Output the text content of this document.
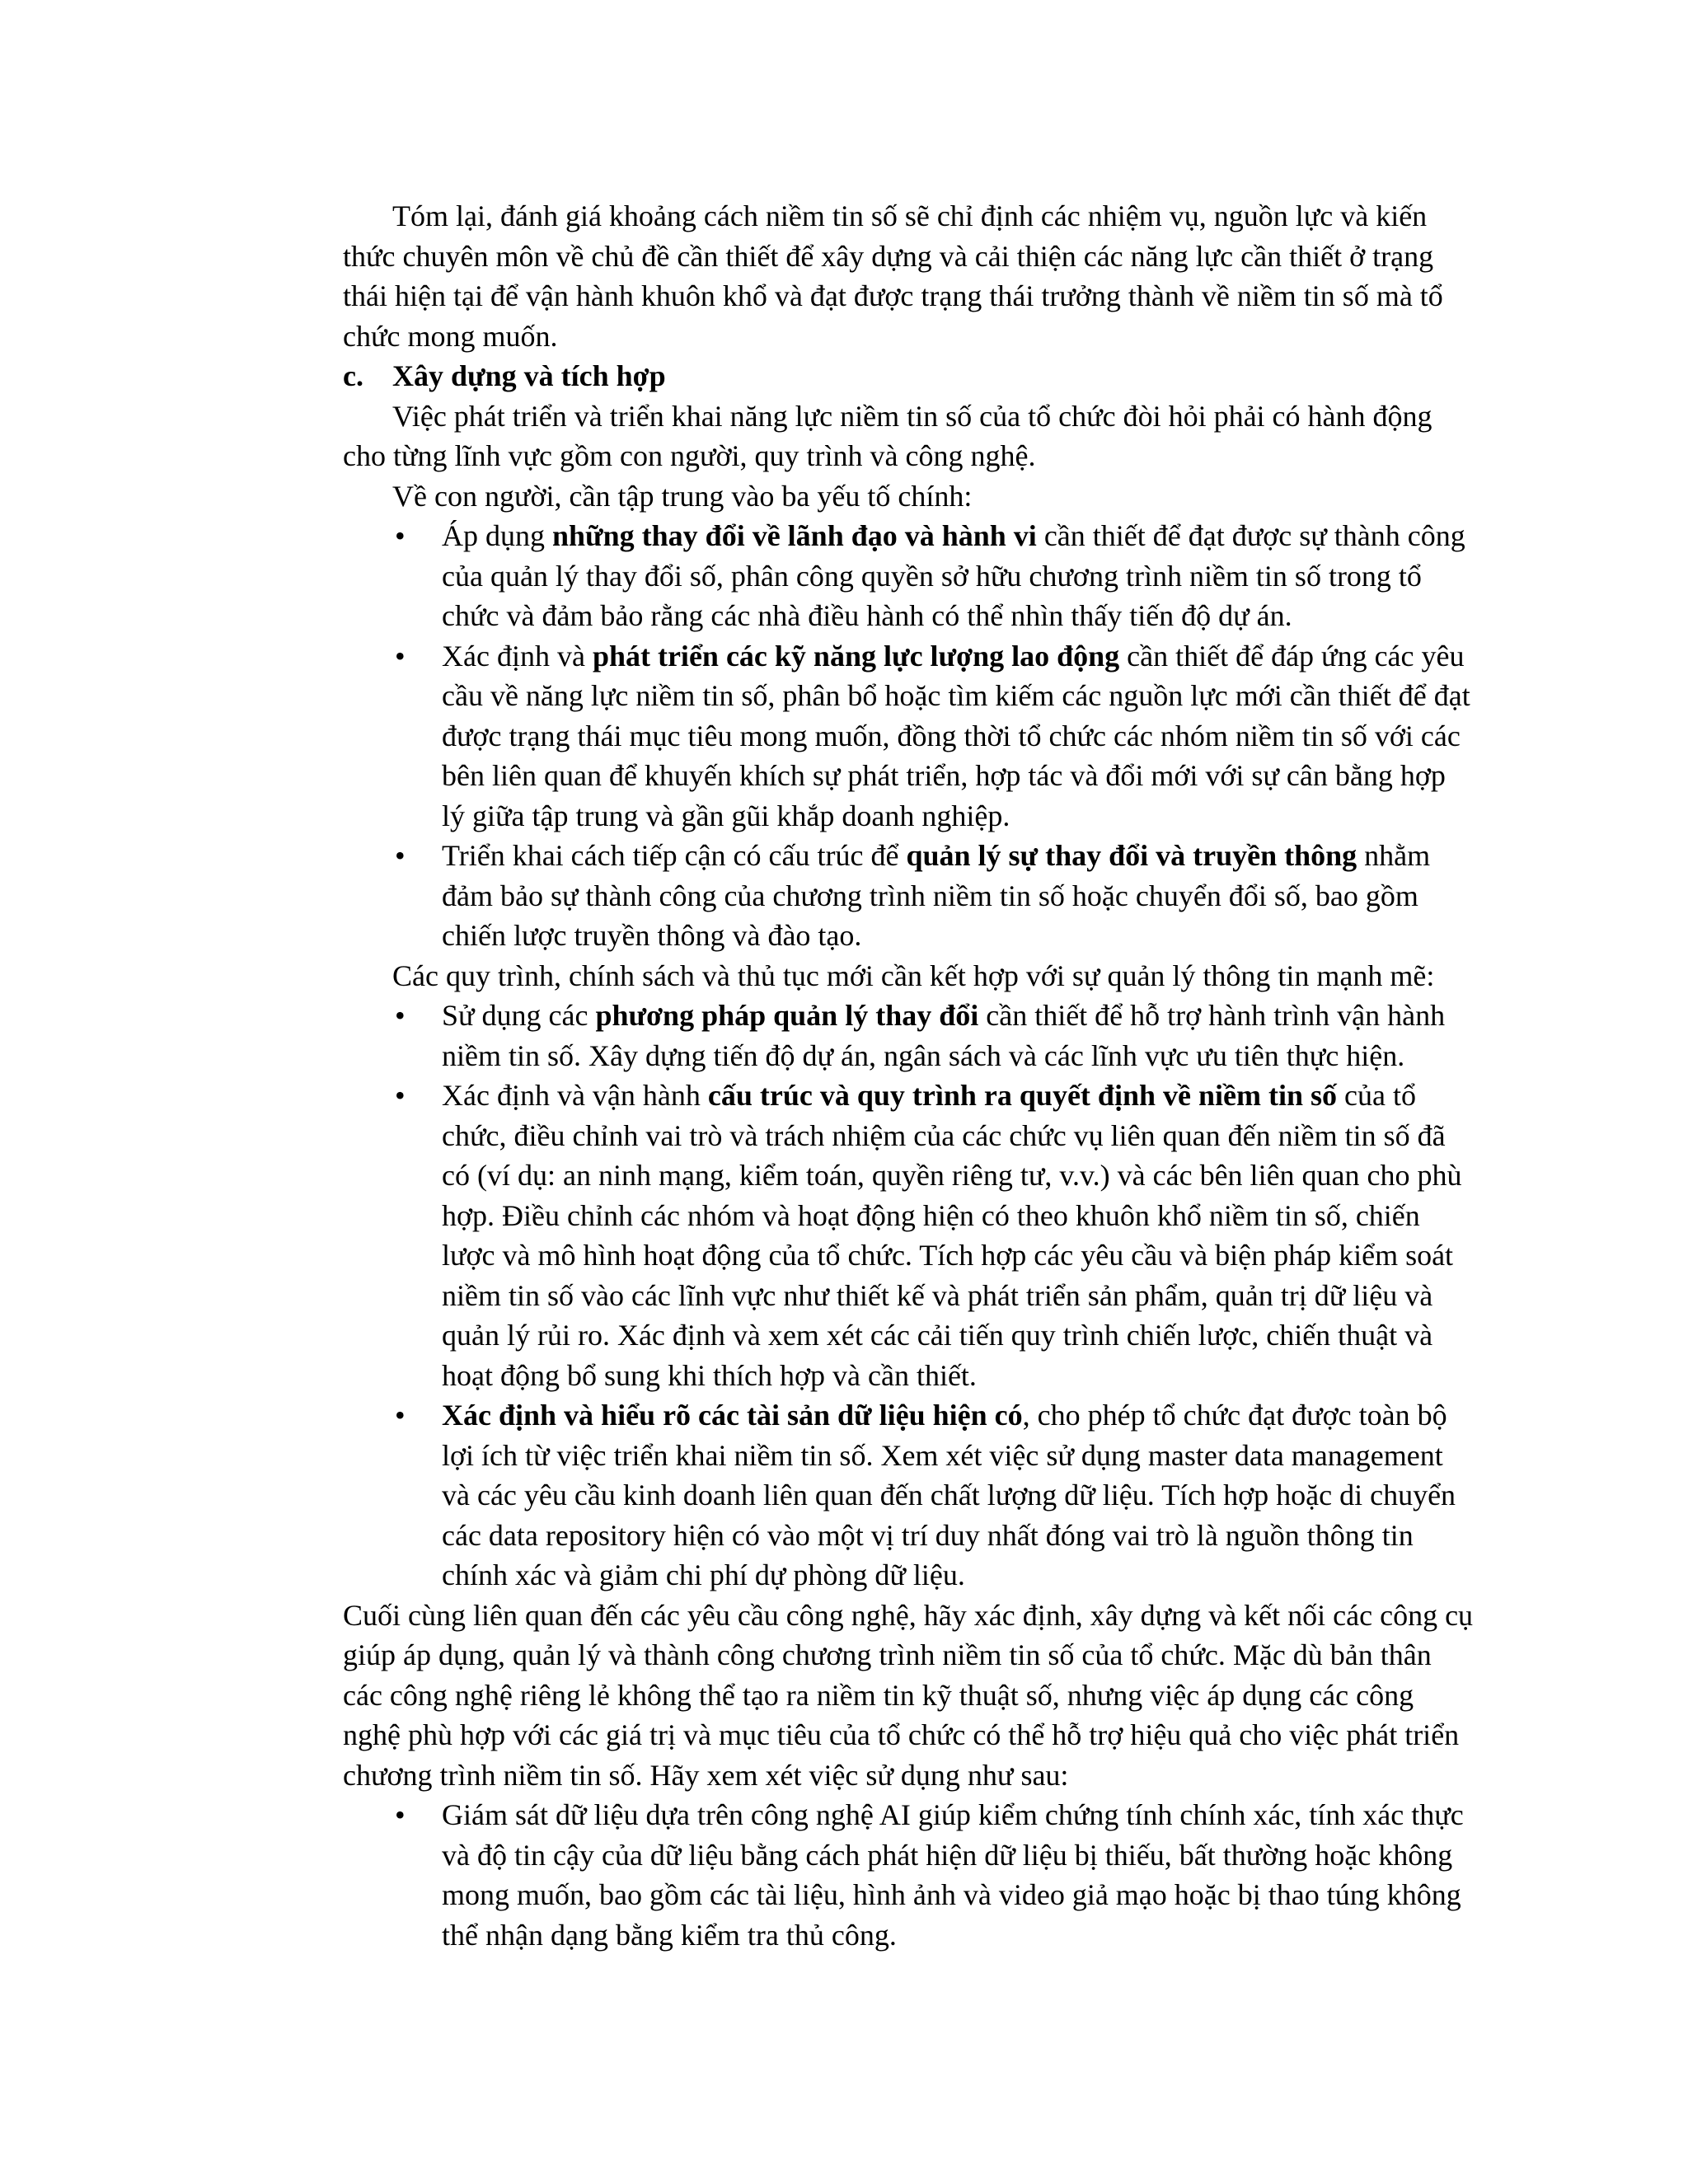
Tóm lại, đánh giá khoảng cách niềm tin số sẽ chỉ định các nhiệm vụ, nguồn lực và kiến thức chuyên môn về chủ đề cần thiết để xây dựng và cải thiện các năng lực cần thiết ở trạng thái hiện tại để vận hành khuôn khổ và đạt được trạng thái trưởng thành về niềm tin số mà tổ chức mong muốn.

c. Xây dựng và tích hợp

Việc phát triển và triển khai năng lực niềm tin số của tổ chức đòi hỏi phải có hành động cho từng lĩnh vực gồm con người, quy trình và công nghệ.

Về con người, cần tập trung vào ba yếu tố chính:

•	Áp dụng những thay đổi về lãnh đạo và hành vi cần thiết để đạt được sự thành công của quản lý thay đổi số, phân công quyền sở hữu chương trình niềm tin số trong tổ chức và đảm bảo rằng các nhà điều hành có thể nhìn thấy tiến độ dự án.
•	Xác định và phát triển các kỹ năng lực lượng lao động cần thiết để đáp ứng các yêu cầu về năng lực niềm tin số, phân bổ hoặc tìm kiếm các nguồn lực mới cần thiết để đạt được trạng thái mục tiêu mong muốn, đồng thời tổ chức các nhóm niềm tin số với các bên liên quan để khuyến khích sự phát triển, hợp tác và đổi mới với sự cân bằng hợp lý giữa tập trung và gần gũi khắp doanh nghiệp.
•	Triển khai cách tiếp cận có cấu trúc để quản lý sự thay đổi và truyền thông nhằm đảm bảo sự thành công của chương trình niềm tin số hoặc chuyển đổi số, bao gồm chiến lược truyền thông và đào tạo.

Các quy trình, chính sách và thủ tục mới cần kết hợp với sự quản lý thông tin mạnh mẽ:

•	Sử dụng các phương pháp quản lý thay đổi cần thiết để hỗ trợ hành trình vận hành niềm tin số. Xây dựng tiến độ dự án, ngân sách và các lĩnh vực ưu tiên thực hiện.
•	Xác định và vận hành cấu trúc và quy trình ra quyết định về niềm tin số của tổ chức, điều chỉnh vai trò và trách nhiệm của các chức vụ liên quan đến niềm tin số đã có (ví dụ: an ninh mạng, kiểm toán, quyền riêng tư, v.v.) và các bên liên quan cho phù hợp. Điều chỉnh các nhóm và hoạt động hiện có theo khuôn khổ niềm tin số, chiến lược và mô hình hoạt động của tổ chức. Tích hợp các yêu cầu và biện pháp kiểm soát niềm tin số vào các lĩnh vực như thiết kế và phát triển sản phẩm, quản trị dữ liệu và quản lý rủi ro. Xác định và xem xét các cải tiến quy trình chiến lược, chiến thuật và hoạt động bổ sung khi thích hợp và cần thiết.
•	Xác định và hiểu rõ các tài sản dữ liệu hiện có, cho phép tổ chức đạt được toàn bộ lợi ích từ việc triển khai niềm tin số. Xem xét việc sử dụng master data management và các yêu cầu kinh doanh liên quan đến chất lượng dữ liệu. Tích hợp hoặc di chuyển các data repository hiện có vào một vị trí duy nhất đóng vai trò là nguồn thông tin chính xác và giảm chi phí dự phòng dữ liệu.

Cuối cùng liên quan đến các yêu cầu công nghệ, hãy xác định, xây dựng và kết nối các công cụ giúp áp dụng, quản lý và thành công chương trình niềm tin số của tổ chức. Mặc dù bản thân các công nghệ riêng lẻ không thể tạo ra niềm tin kỹ thuật số, nhưng việc áp dụng các công nghệ phù hợp với các giá trị và mục tiêu của tổ chức có thể hỗ trợ hiệu quả cho việc phát triển chương trình niềm tin số. Hãy xem xét việc sử dụng như sau:

•	Giám sát dữ liệu dựa trên công nghệ AI giúp kiểm chứng tính chính xác, tính xác thực và độ tin cậy của dữ liệu bằng cách phát hiện dữ liệu bị thiếu, bất thường hoặc không mong muốn, bao gồm các tài liệu, hình ảnh và video giả mạo hoặc bị thao túng không thể nhận dạng bằng kiểm tra thủ công.
